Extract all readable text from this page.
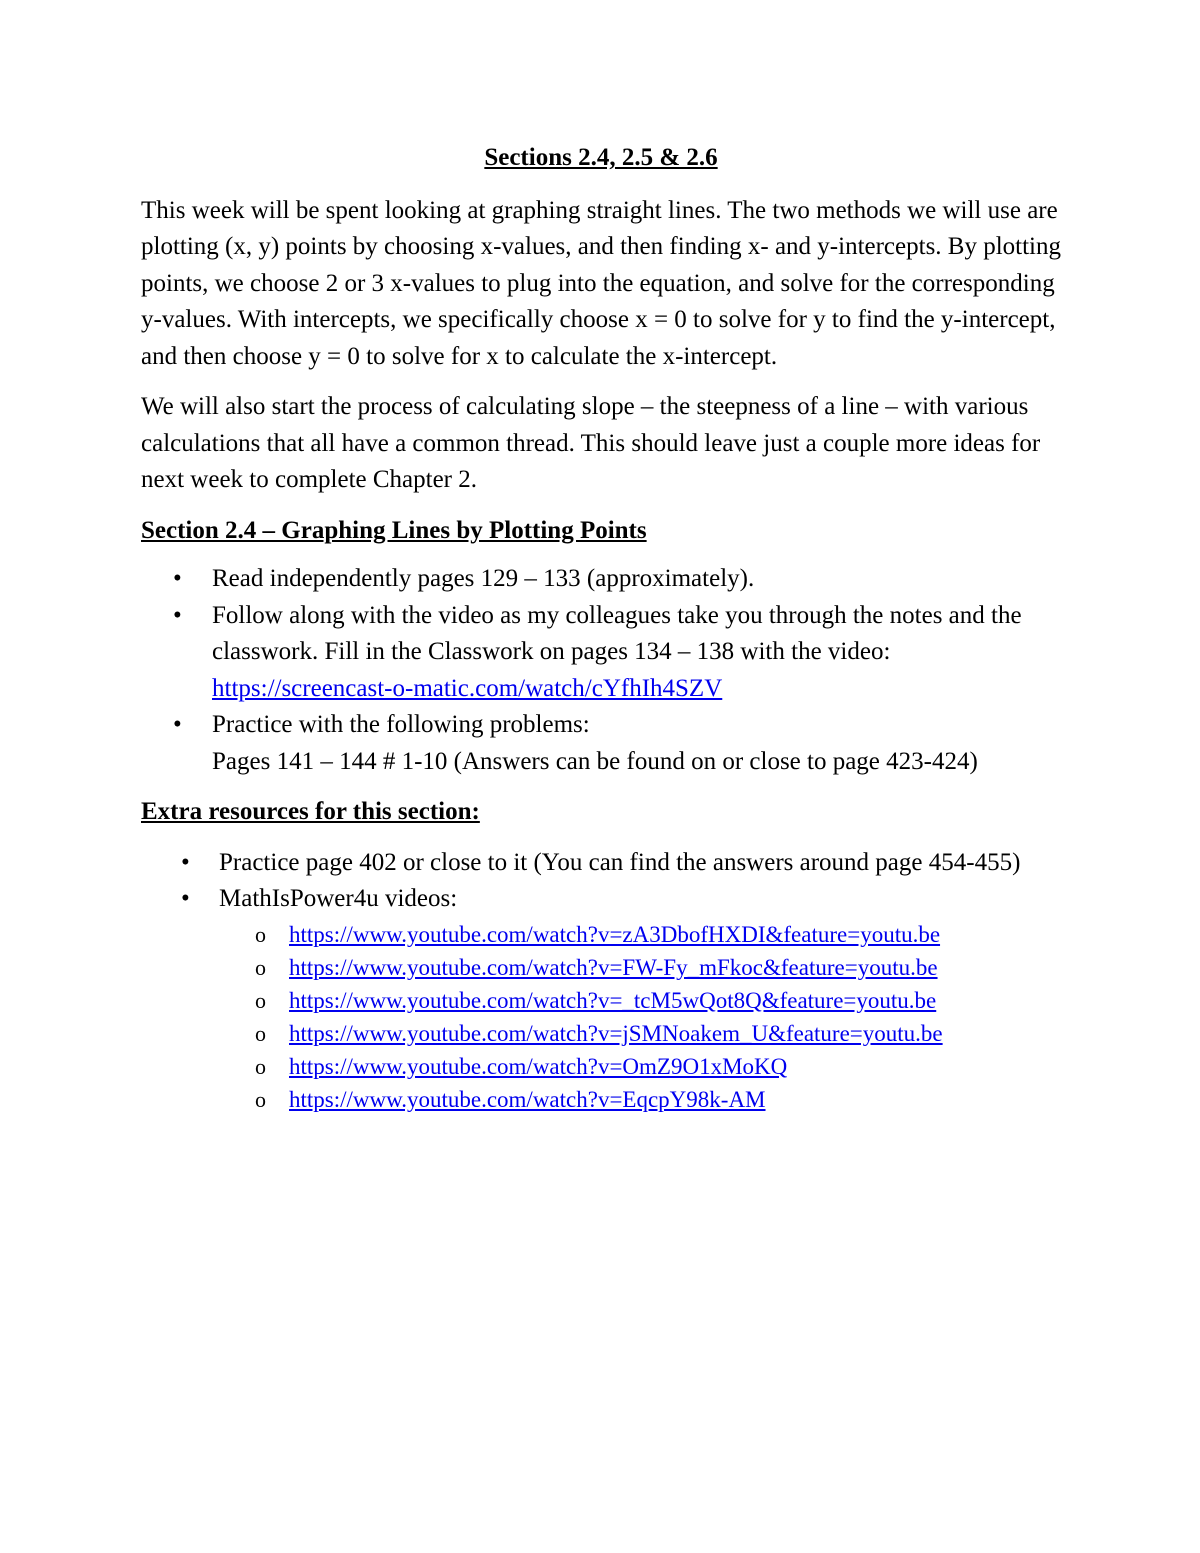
Sections 2.4, 2.5 & 2.6

This week will be spent looking at graphing straight lines. The two methods we will use are plotting (x, y) points by choosing x-values, and then finding x- and y-intercepts. By plotting points, we choose 2 or 3 x-values to plug into the equation, and solve for the corresponding y-values. With intercepts, we specifically choose x = 0 to solve for y to find the y-intercept, and then choose y = 0 to solve for x to calculate the x-intercept.

We will also start the process of calculating slope – the steepness of a line – with various calculations that all have a common thread. This should leave just a couple more ideas for next week to complete Chapter 2.

Section 2.4 – Graphing Lines by Plotting Points
• Read independently pages 129 – 133 (approximately).
• Follow along with the video as my colleagues take you through the notes and the classwork. Fill in the Classwork on pages 134 – 138 with the video:
https://screencast-o-matic.com/watch/cYfhIh4SZV
• Practice with the following problems:
Pages 141 – 144 # 1-10 (Answers can be found on or close to page 423-424)
Extra resources for this section:
• Practice page 402 or close to it (You can find the answers around page 454-455)
• MathIsPower4u videos:
o https://www.youtube.com/watch?v=zA3DbofHXDI&feature=youtu.be
o https://www.youtube.com/watch?v=FW-Fy_mFkoc&feature=youtu.be
o https://www.youtube.com/watch?v=_tcM5wQot8Q&feature=youtu.be
o https://www.youtube.com/watch?v=jSMNoakem_U&feature=youtu.be
o https://www.youtube.com/watch?v=OmZ9O1xMoKQ
o https://www.youtube.com/watch?v=EqcpY98k-AM
